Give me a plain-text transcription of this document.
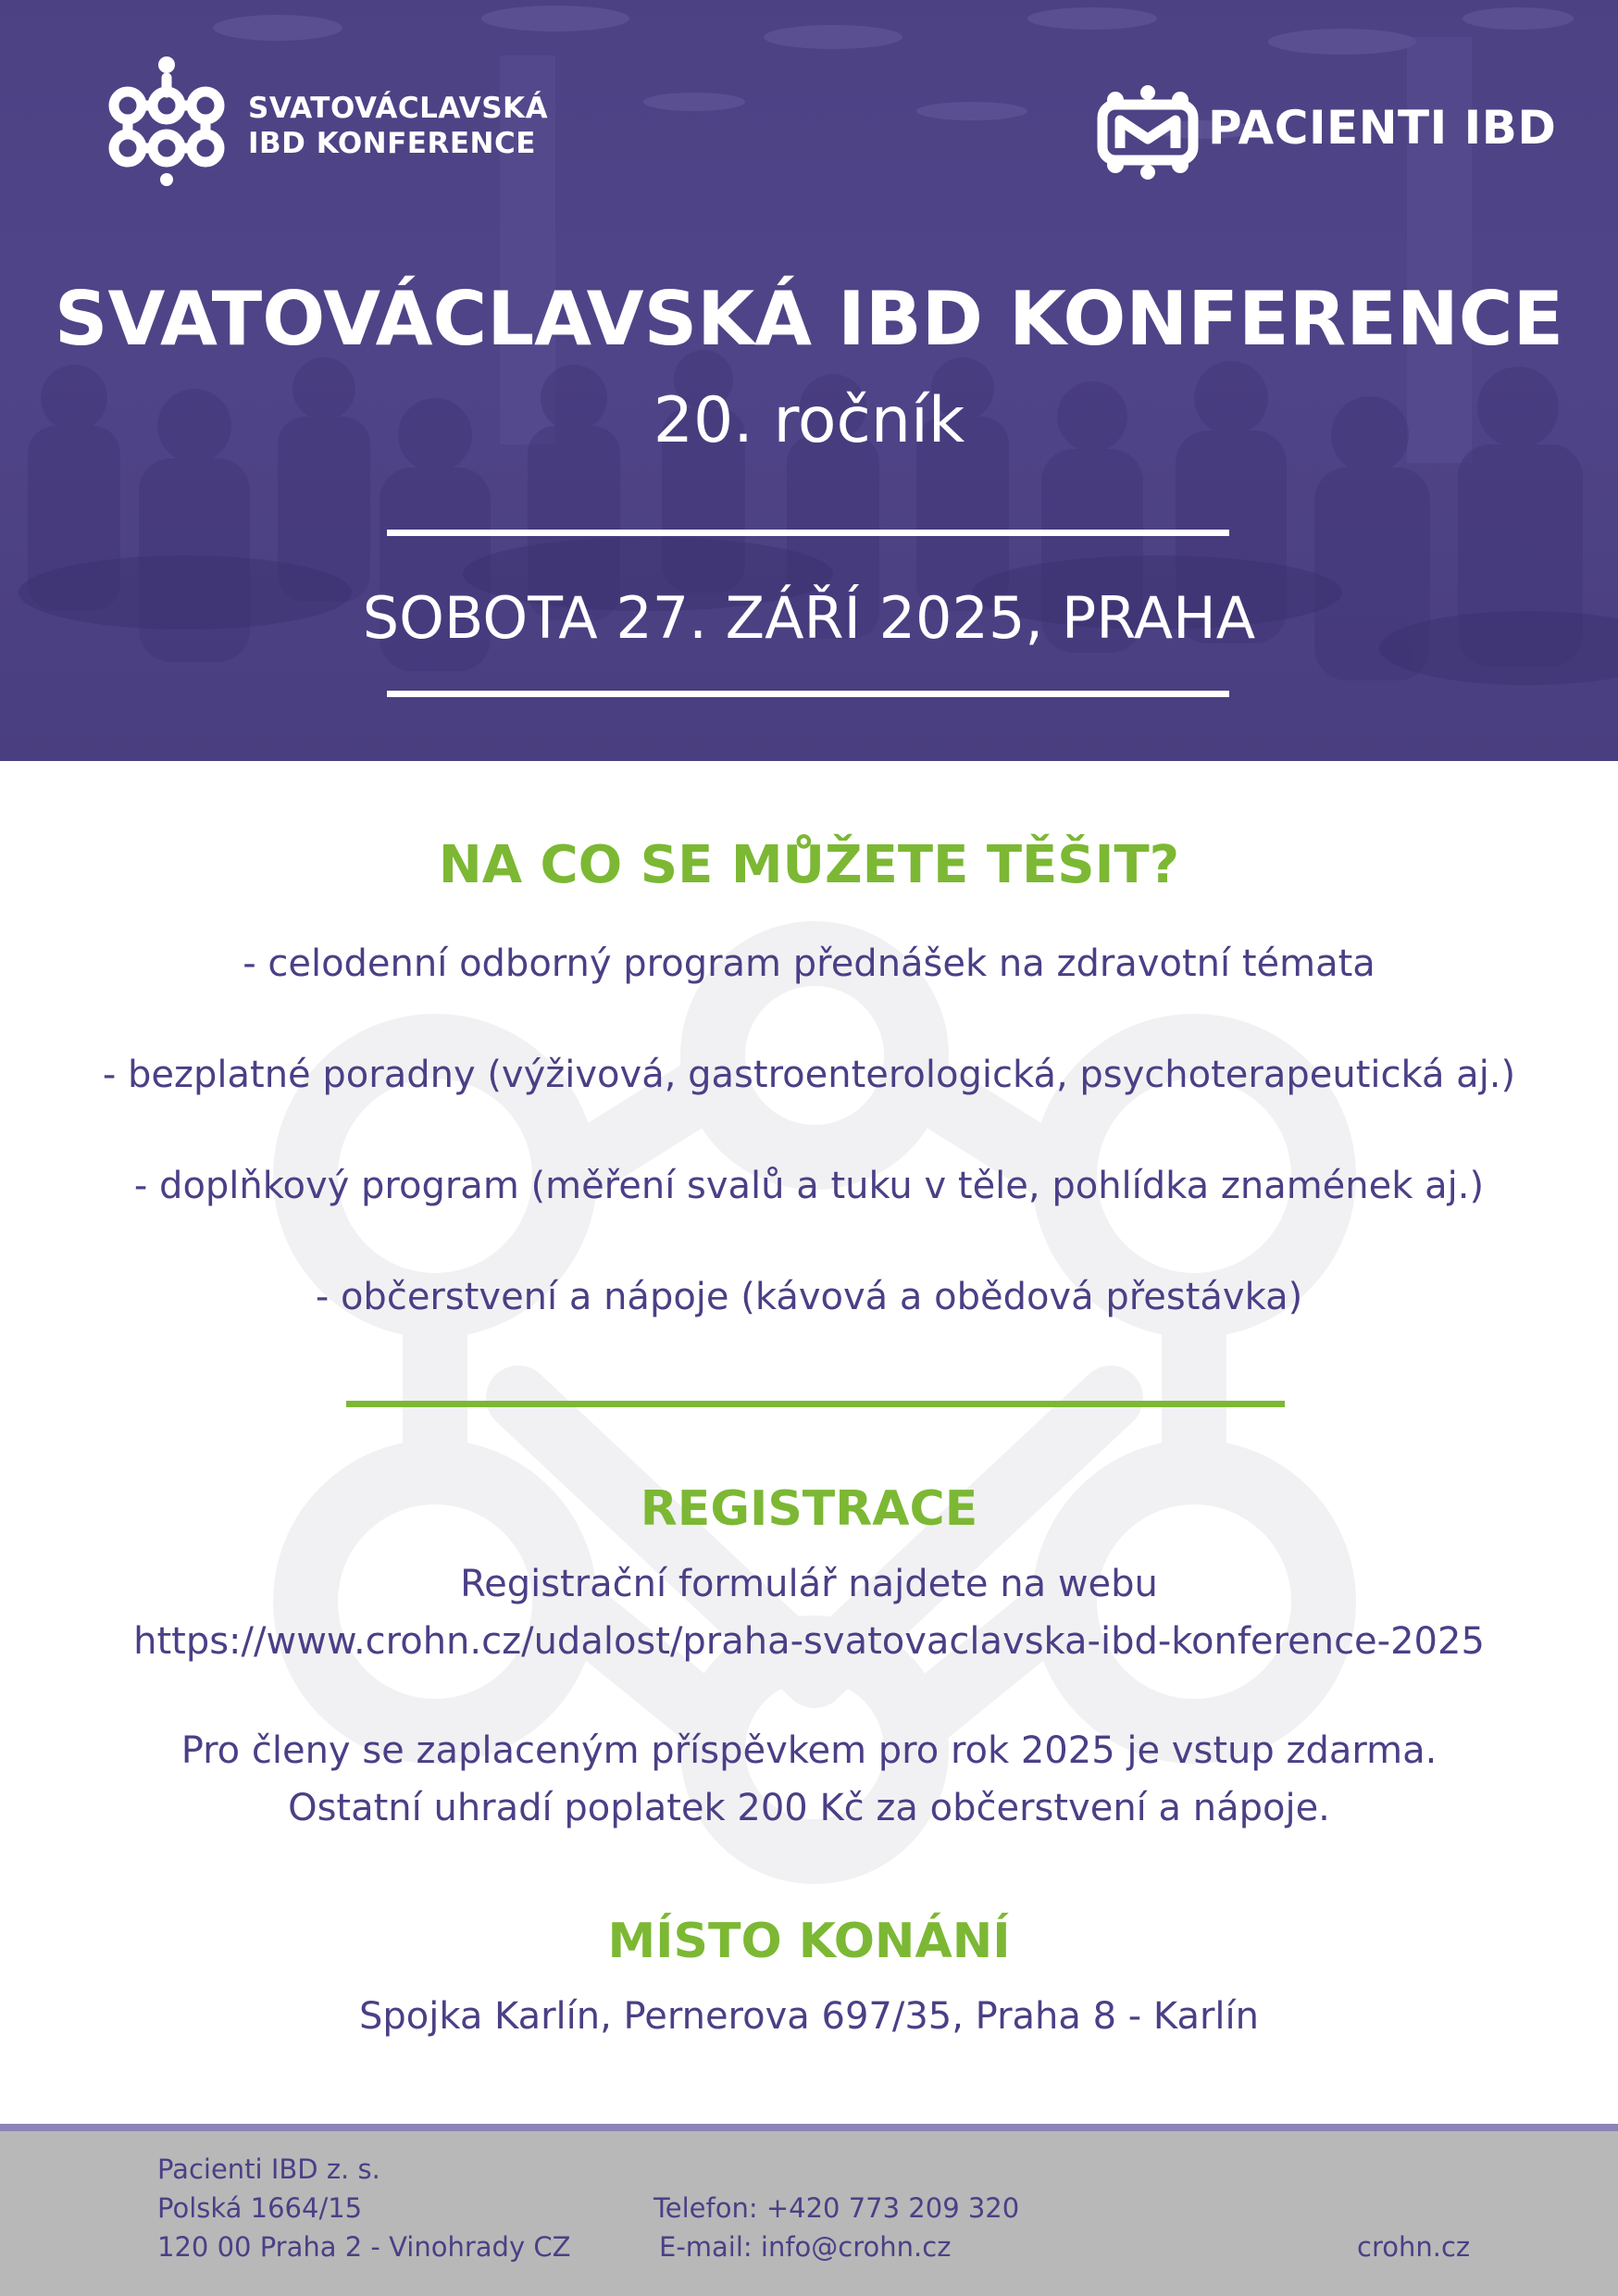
SVATOVÁCLAVSKÁ
IBD KONFERENCE	PACIENTI IBD
SVATOVÁCLAVSKÁ IBD KONFERENCE
20. ročník
SOBOTA 27. ZÁŘÍ 2025, PRAHA
NA CO SE MŮŽETE TĚŠIT?
- celodenní odborný program přednášek na zdravotní témata
- bezplatné poradny (výživová, gastroenterologická, psychoterapeutická aj.)
- doplňkový program (měření svalů a tuku v těle, pohlídka znamének aj.)
- občerstvení a nápoje (kávová a obědová přestávka)
REGISTRACE
Registrační formulář najdete na webu
https://www.crohn.cz/udalost/praha-svatovaclavska-ibd-konference-2025
Pro členy se zaplaceným příspěvkem pro rok 2025 je vstup zdarma.
Ostatní uhradí poplatek 200 Kč za občerstvení a nápoje.
MÍSTO KONÁNÍ
Spojka Karlín, Pernerova 697/35, Praha 8 - Karlín
Pacienti IBD z. s.
Polská 1664/15
120 00 Praha 2 - Vinohrady CZ
Telefon: +420 773 209 320
E-mail: info@crohn.cz	crohn.cz
